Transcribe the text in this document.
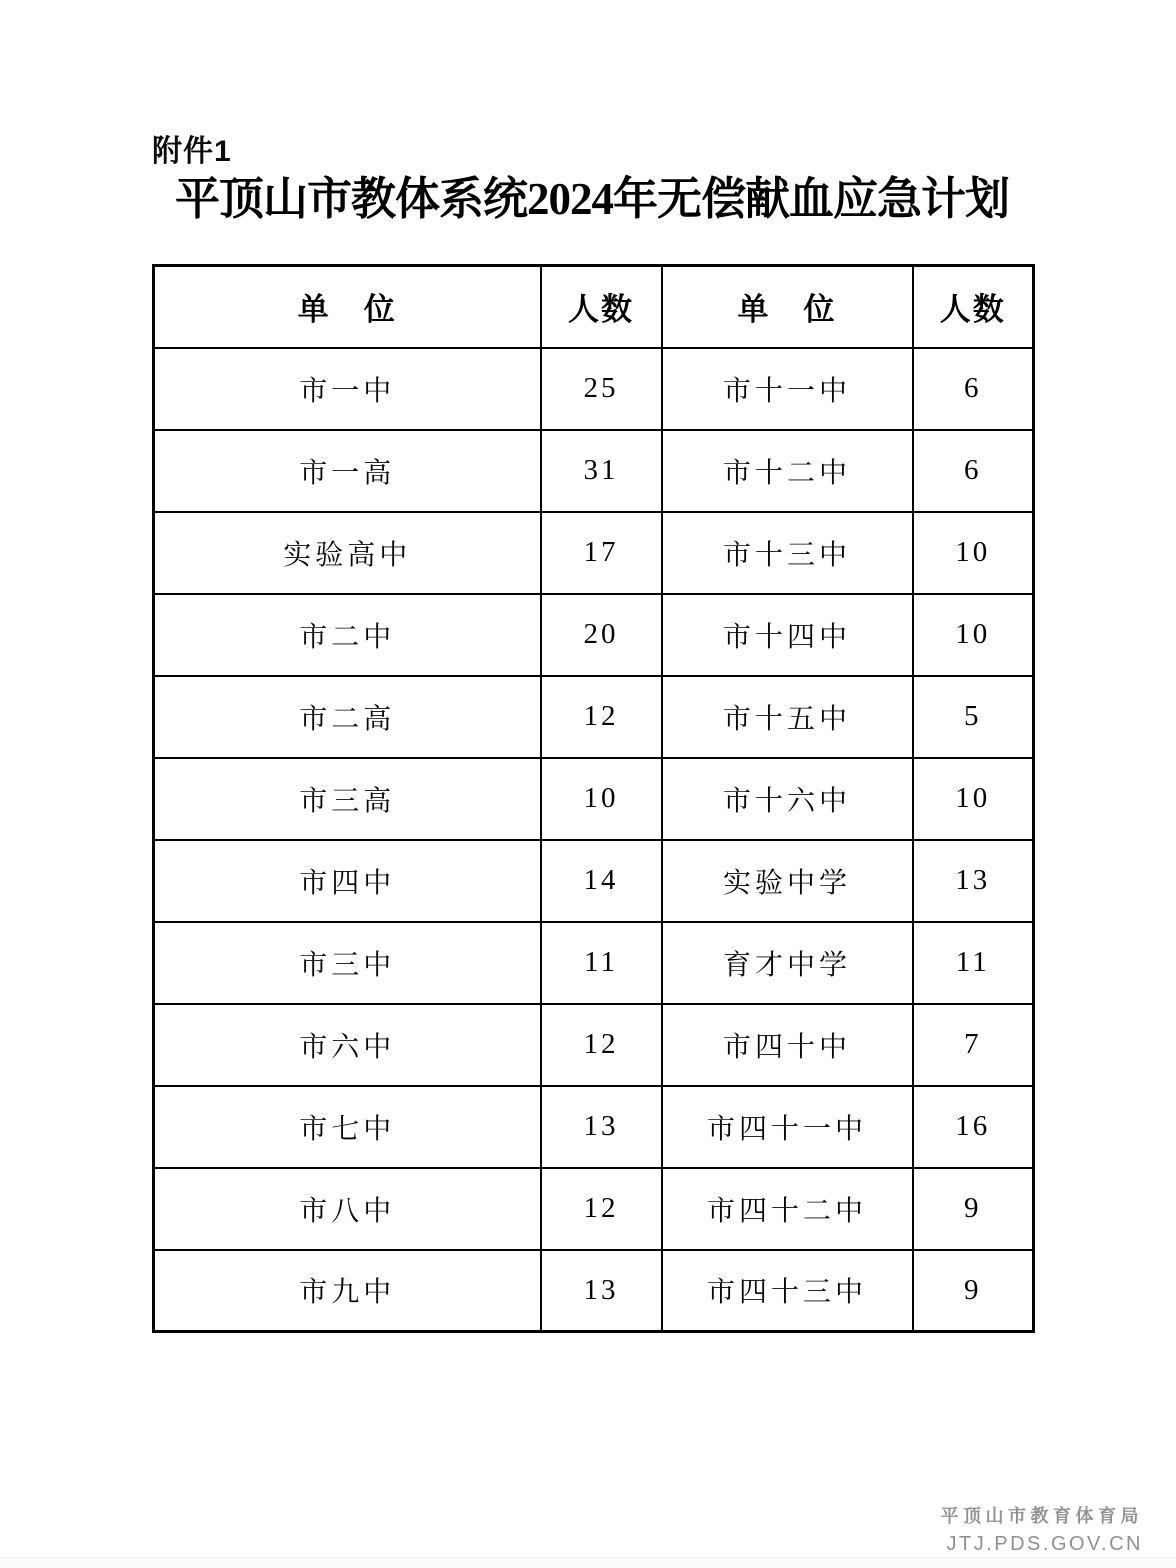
附件1
平顶山市教体系统2024年无偿献血应急计划
单　位	人数	单　位	人数
市一中	25	市十一中	6
市一高	31	市十二中	6
实验高中	17	市十三中	10
市二中	20	市十四中	10
市二高	12	市十五中	5
市三高	10	市十六中	10
市四中	14	实验中学	13
市三中	11	育才中学	11
市六中	12	市四十中	7
市七中	13	市四十一中	16
市八中	12	市四十二中	9
市九中	13	市四十三中	9
平顶山市教育体育局
JTJ.PDS.GOV.CN
